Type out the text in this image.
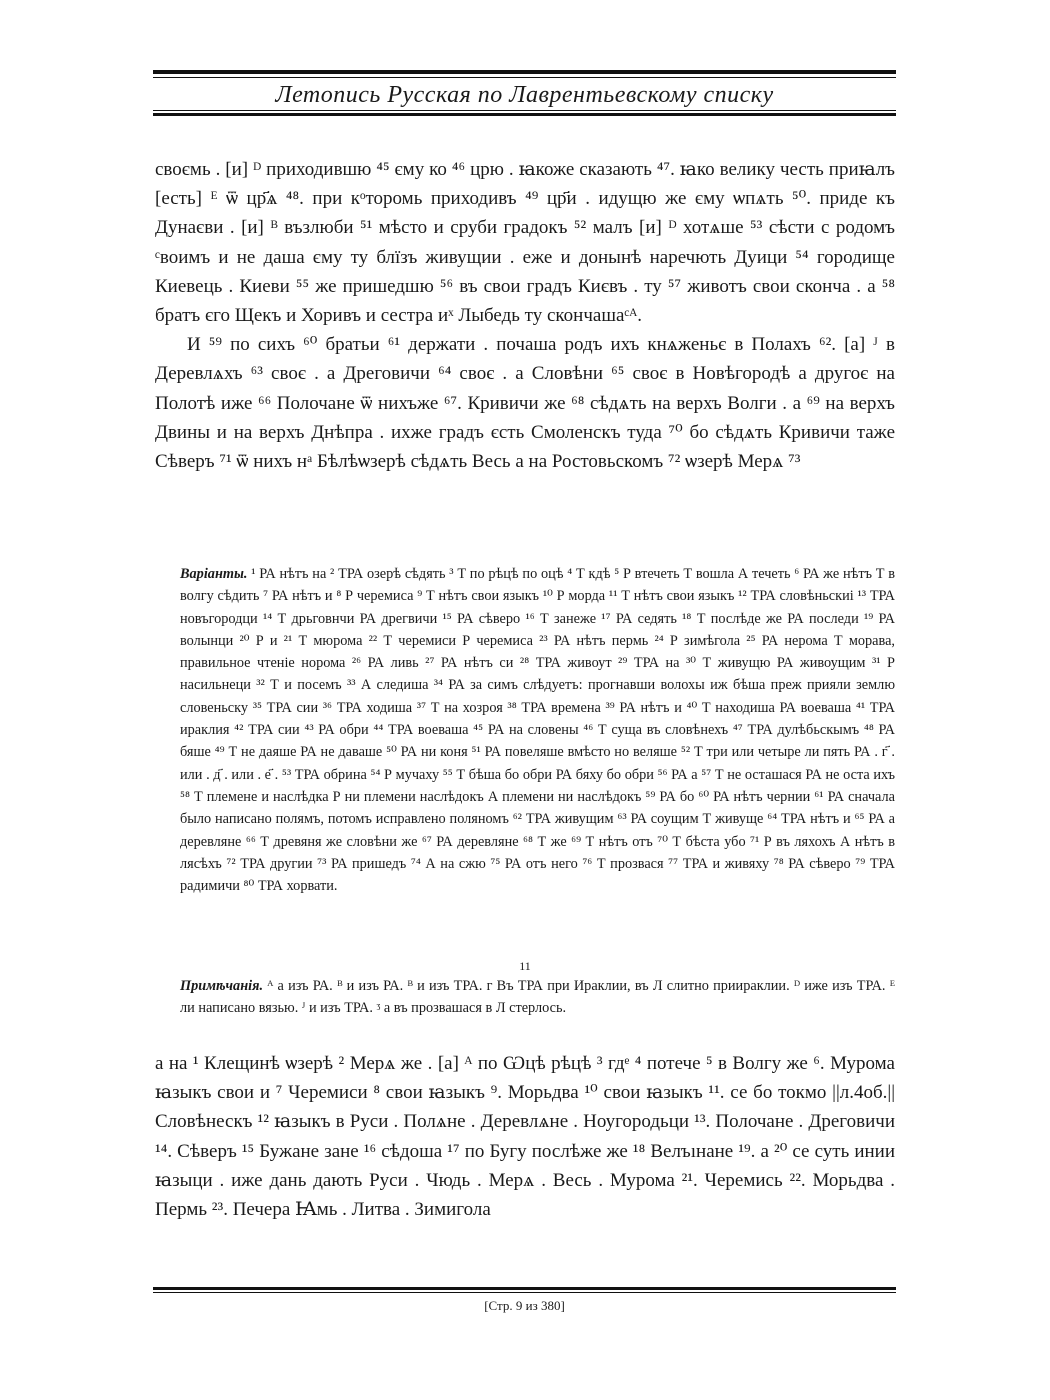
Летопись Русская по Лаврентьевскому списку

своємь . [и] ᴰ приходившю ⁴⁵ єму ко ⁴⁶ црю . ꙗкоже сказають ⁴⁷. ꙗко велику честь приꙗлъ [есть] ᴱ ѿ цр҃ѧ ⁴⁸. при кᵒторомь приходивъ ⁴⁹ цр҃и . идущю же єму ѡпѧть ⁵⁰. приде къ Дунаєви . [и] ᴮ възлюби ⁵¹ мѣсто и сруби градокъ ⁵² малъ [и] ᴰ хотѧше ⁵³ сѣсти с родомъ ᶜвоимъ и не даша єму ту блїзъ живущии . еже и донынѣ наречють Дуици ⁵⁴ городище Киевець . Киеви ⁵⁵ же пришедшю ⁵⁶ въ свои градъ Києвъ . ту ⁵⁷ животъ свои скончa . а ⁵⁸ братъ єго Щекъ и Хоривъ и сестра иˣ Лыбедь ту скончашаᶜᴬ.

И ⁵⁹ по сихъ ⁶⁰ братьи ⁶¹ держати . почаша родъ ихъ кнѧженьє в Полахъ ⁶². [а] ᴶ в Деревлѧхъ ⁶³ своє . а Дреговичи ⁶⁴ своє . а Словѣни ⁶⁵ своє в Новѣгородѣ а другоє на Полотѣ иже ⁶⁶ Полочане ѿ нихъже ⁶⁷. Кривичи же ⁶⁸ сѣдѧть на верхъ Волги . а ⁶⁹ на верхъ Двины и на верхъ Днѣпра . ихже градъ єсть Смоленскъ туда ⁷⁰ бо сѣдѧть Кривичи таже Сѣверъ ⁷¹ ѿ нихъ нᵃ Бѣлѣѡзерѣ сѣдѧть Весь а на Ростовьскомъ ⁷² ѡзерѣ Мерѧ ⁷³

Варіанты. ¹ РА нѣтъ на ² ТРА озерѣ сѣдять ³ Т по рѣцѣ по оцѣ ⁴ Т кдѣ ⁵ Р втечеть Т вошла А течеть ⁶ РА же нѣтъ Т в волгу сѣдить ⁷ РА нѣтъ и ⁸ Р черемиса ⁹ Т нѣтъ свои языкъ ¹⁰ Р морда ¹¹ Т нѣтъ свои языкъ ¹² ТРА словѣньскиі ¹³ ТРА новъгородци ¹⁴ Т дрьговнчи РА дрегвичи ¹⁵ РА сѣверо ¹⁶ Т занеже ¹⁷ РА седять ¹⁸ Т послѣде же РА последи ¹⁹ РА волынци ²⁰ Р и ²¹ Т мюрома ²² Т черемиси Р черемиса ²³ РА нѣтъ пермь ²⁴ Р зимѣгола ²⁵ РА нерома Т морава, правильное чтеніе норома ²⁶ РА ливь ²⁷ РА нѣтъ си ²⁸ ТРА живоут ²⁹ ТРА на ³⁰ Т живущю РА живоущим ³¹ Р насильнеци ³² Т и посемъ ³³ А следиша ³⁴ РА за симъ слѣдуетъ: прогнавши волохы иж бѣша преж прияли землю словеньску ³⁵ ТРА сии ³⁶ ТРА ходиша ³⁷ Т на хозроя ³⁸ ТРА времена ³⁹ РА нѣтъ и ⁴⁰ Т находиша РА воеваша ⁴¹ ТРА ираклия ⁴² ТРА сии ⁴³ РА обри ⁴⁴ ТРА воеваша ⁴⁵ РА на словены ⁴⁶ Т суща въ словѣнехъ ⁴⁷ ТРА дулѣбьскымъ ⁴⁸ РА бяше ⁴⁹ Т не даяше РА не даваше ⁵⁰ РА ни коня ⁵¹ РА повеляше вмѣсто но веляше ⁵² Т три или четыре ли пять РА . г҃ . или . д҃ . или . е҃ . ⁵³ ТРА обрина ⁵⁴ Р мучаху ⁵⁵ Т бѣша бо обри РА бяху бо обри ⁵⁶ РА а ⁵⁷ Т не осташася РА не оста ихъ ⁵⁸ Т племене и наслѣдка Р ни племени наслѣдокъ А племени ни наслѣдокъ ⁵⁹ РА бо ⁶⁰ РА нѣтъ чернии ⁶¹ РА сначала было написано полямъ, потомъ исправлено поляномъ ⁶² ТРА живущим ⁶³ РА соущим Т живуще ⁶⁴ ТРА нѣтъ и ⁶⁵ РА а деревляне ⁶⁶ Т древяня же словѣни же ⁶⁷ РА деревляне ⁶⁸ Т же ⁶⁹ Т нѣтъ отъ ⁷⁰ Т бѣста убо ⁷¹ Р въ ляхохъ А нѣтъ в лясѣхъ ⁷² ТРА другии ⁷³ РА пришедъ ⁷⁴ А на сжю ⁷⁵ РА отъ него ⁷⁶ Т прозвася ⁷⁷ ТРА и живяху ⁷⁸ РА сѣверо ⁷⁹ ТРА радимичи ⁸⁰ ТРА хорвати.

11

Примѣчанія. ᴬ а изъ РА. ᴮ и изъ РА. ᴮ и изъ ТРА. ᴦ Въ ТРА при Ираклии, въ Л слитно приираклии. ᴰ иже изъ ТРА. ᴱ ли написано вязью. ᴶ и изъ ТРА. ᶾ а въ прозвашася в Л стерлось.

а на ¹ Клещинѣ ѡзерѣ ² Мерѧ же . [а] ᴬ по Ѡцѣ рѣцѣ ³ гдᵉ ⁴ потече ⁵ в Волгу же ⁶. Мурома ꙗзыкъ свои и ⁷ Черемиси ⁸ свои ꙗзыкъ ⁹. Морьдва ¹⁰ свои ꙗзыкъ ¹¹. се бо токмо ||л.4об.|| Словѣнескъ ¹² ꙗзыкъ в Руси . Полѧне . Деревлѧне . Ноугородьци ¹³. Полочане . Дреговичи ¹⁴. Сѣверъ ¹⁵ Бужане зане ¹⁶ сѣдоша ¹⁷ по Бугу послѣже же ¹⁸ Велъıнане ¹⁹. а ²⁰ се суть инии ꙗзыци . иже дань дають Руси . Чюдь . Мерѧ . Весь . Мурома ²¹. Черемись ²². Морьдва . Пермь ²³. Печера Ꙗмь . Литва . Зимигола

[Стр. 9 из 380]
